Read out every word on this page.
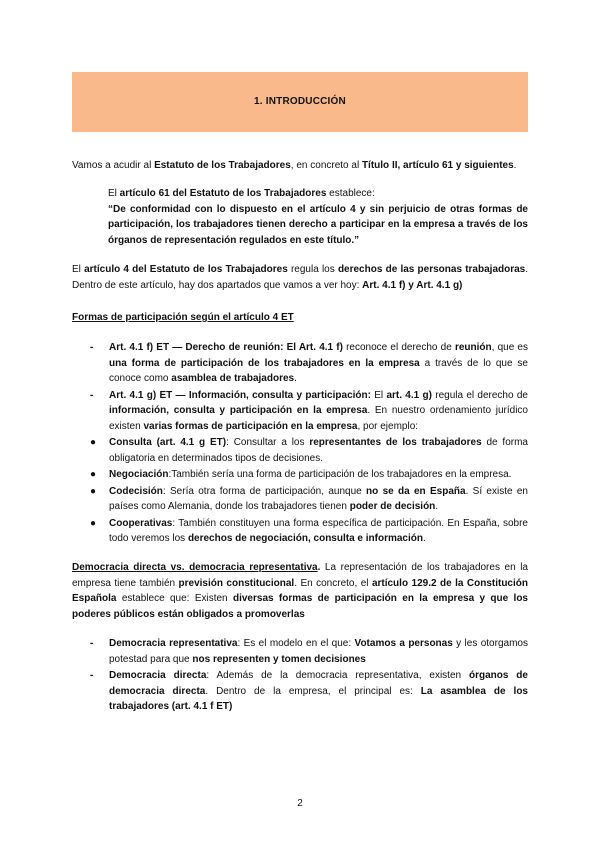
1. INTRODUCCIÓN
Vamos a acudir al Estatuto de los Trabajadores, en concreto al Título II, artículo 61 y siguientes.
El artículo 61 del Estatuto de los Trabajadores establece:
“De conformidad con lo dispuesto en el artículo 4 y sin perjuicio de otras formas de participación, los trabajadores tienen derecho a participar en la empresa a través de los órganos de representación regulados en este título.”
El artículo 4 del Estatuto de los Trabajadores regula los derechos de las personas trabajadoras. Dentro de este artículo, hay dos apartados que vamos a ver hoy: Art. 4.1 f) y Art. 4.1 g)
Formas de participación según el artículo 4 ET
-	Art. 4.1 f) ET — Derecho de reunión: El Art. 4.1 f) reconoce el derecho de reunión, que es una forma de participación de los trabajadores en la empresa a través de lo que se conoce como asamblea de trabajadores.
-	Art. 4.1 g) ET — Información, consulta y participación: El art. 4.1 g) regula el derecho de información, consulta y participación en la empresa. En nuestro ordenamiento jurídico existen varias formas de participación en la empresa, por ejemplo:
●	Consulta (art. 4.1 g ET): Consultar a los representantes de los trabajadores de forma obligatoria en determinados tipos de decisiones.
●	Negociación:También sería una forma de participación de los trabajadores en la empresa.
●	Codecisión: Sería otra forma de participación, aunque no se da en España. Sí existe en países como Alemania, donde los trabajadores tienen poder de decisión.
●	Cooperativas: También constituyen una forma específica de participación. En España, sobre todo veremos los derechos de negociación, consulta e información.
Democracia directa vs. democracia representativa. La representación de los trabajadores en la empresa tiene también previsión constitucional. En concreto, el artículo 129.2 de la Constitución Española establece que: Existen diversas formas de participación en la empresa y que los poderes públicos están obligados a promoverlas
-	Democracia representativa: Es el modelo en el que: Votamos a personas y les otorgamos potestad para que nos representen y tomen decisiones
-	Democracia directa: Además de la democracia representativa, existen órganos de democracia directa. Dentro de la empresa, el principal es: La asamblea de los trabajadores (art. 4.1 f ET)
2
